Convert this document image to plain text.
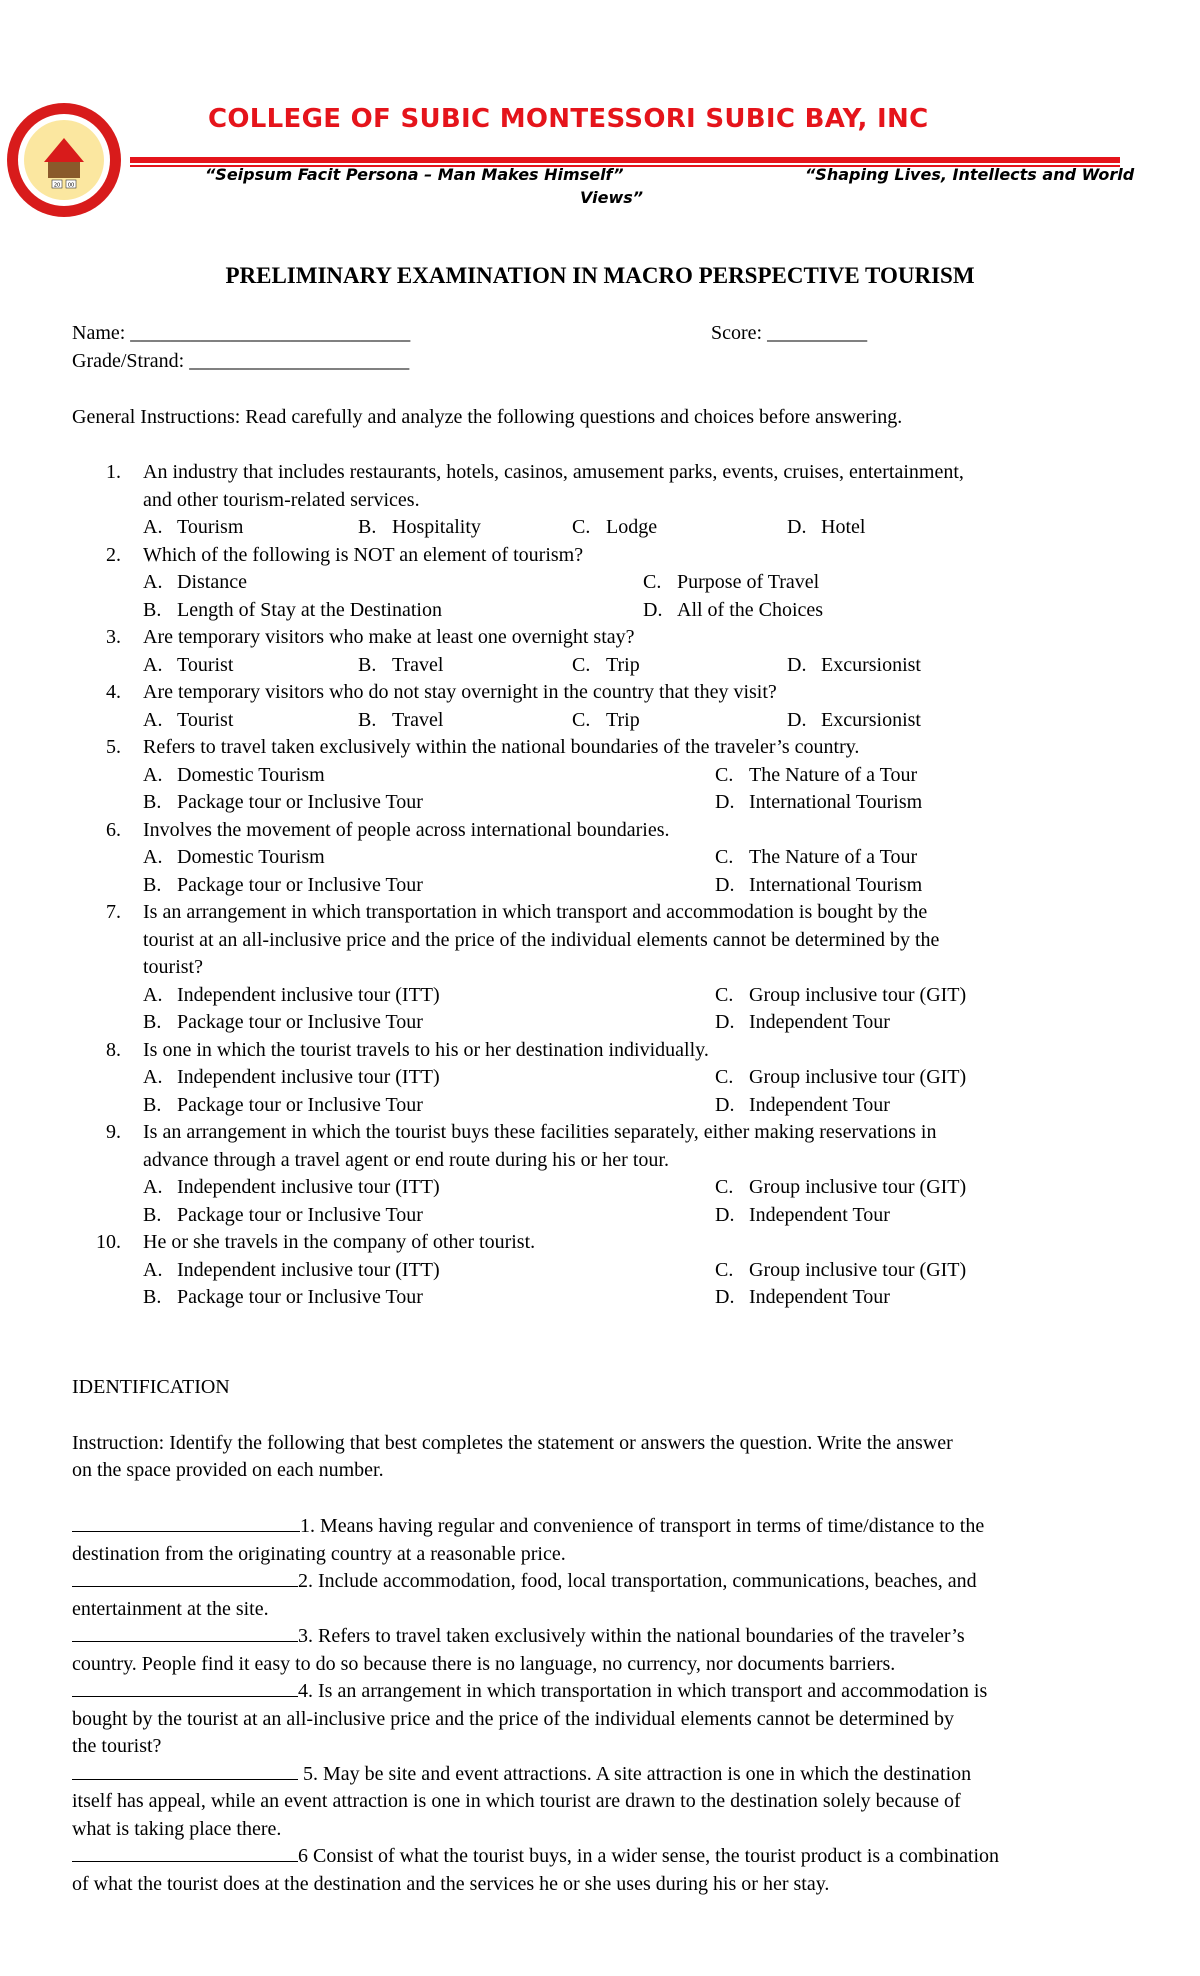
20 00
COLLEGE OF SUBIC MONTESSORI SUBIC BAY, INC
“Seipsum Facit Persona – Man Makes Himself”	“Shaping Lives, Intellects and World
Views”
PRELIMINARY EXAMINATION IN MACRO PERSPECTIVE TOURISM
Name: ____________________________	Score: __________
Grade/Strand: ______________________
General Instructions: Read carefully and analyze the following questions and choices before answering.
1. An industry that includes restaurants, hotels, casinos, amusement parks, events, cruises, entertainment,
and other tourism-related services.
A. Tourism	B. Hospitality	C. Lodge	D. Hotel
2. Which of the following is NOT an element of tourism?
A. Distance	C. Purpose of Travel
B. Length of Stay at the Destination	D. All of the Choices
3. Are temporary visitors who make at least one overnight stay?
A. Tourist	B. Travel	C. Trip	D. Excursionist
4. Are temporary visitors who do not stay overnight in the country that they visit?
A. Tourist	B. Travel	C. Trip	D. Excursionist
5. Refers to travel taken exclusively within the national boundaries of the traveler’s country.
A. Domestic Tourism	C. The Nature of a Tour
B. Package tour or Inclusive Tour	D. International Tourism
6. Involves the movement of people across international boundaries.
A. Domestic Tourism	C. The Nature of a Tour
B. Package tour or Inclusive Tour	D. International Tourism
7. Is an arrangement in which transportation in which transport and accommodation is bought by the
tourist at an all-inclusive price and the price of the individual elements cannot be determined by the
tourist?
A. Independent inclusive tour (ITT)	C. Group inclusive tour (GIT)
B. Package tour or Inclusive Tour	D. Independent Tour
8. Is one in which the tourist travels to his or her destination individually.
A. Independent inclusive tour (ITT)	C. Group inclusive tour (GIT)
B. Package tour or Inclusive Tour	D. Independent Tour
9. Is an arrangement in which the tourist buys these facilities separately, either making reservations in
advance through a travel agent or end route during his or her tour.
A. Independent inclusive tour (ITT)	C. Group inclusive tour (GIT)
B. Package tour or Inclusive Tour	D. Independent Tour
10. He or she travels in the company of other tourist.
A. Independent inclusive tour (ITT)	C. Group inclusive tour (GIT)
B. Package tour or Inclusive Tour	D. Independent Tour
IDENTIFICATION
Instruction: Identify the following that best completes the statement or answers the question. Write the answer
on the space provided on each number.
1. Means having regular and convenience of transport in terms of time/distance to the
destination from the originating country at a reasonable price.
2. Include accommodation, food, local transportation, communications, beaches, and
entertainment at the site.
3. Refers to travel taken exclusively within the national boundaries of the traveler’s
country. People find it easy to do so because there is no language, no currency, nor documents barriers.
4. Is an arrangement in which transportation in which transport and accommodation is
bought by the tourist at an all-inclusive price and the price of the individual elements cannot be determined by
the tourist?
5. May be site and event attractions. A site attraction is one in which the destination
itself has appeal, while an event attraction is one in which tourist are drawn to the destination solely because of
what is taking place there.
6 Consist of what the tourist buys, in a wider sense, the tourist product is a combination
of what the tourist does at the destination and the services he or she uses during his or her stay.
